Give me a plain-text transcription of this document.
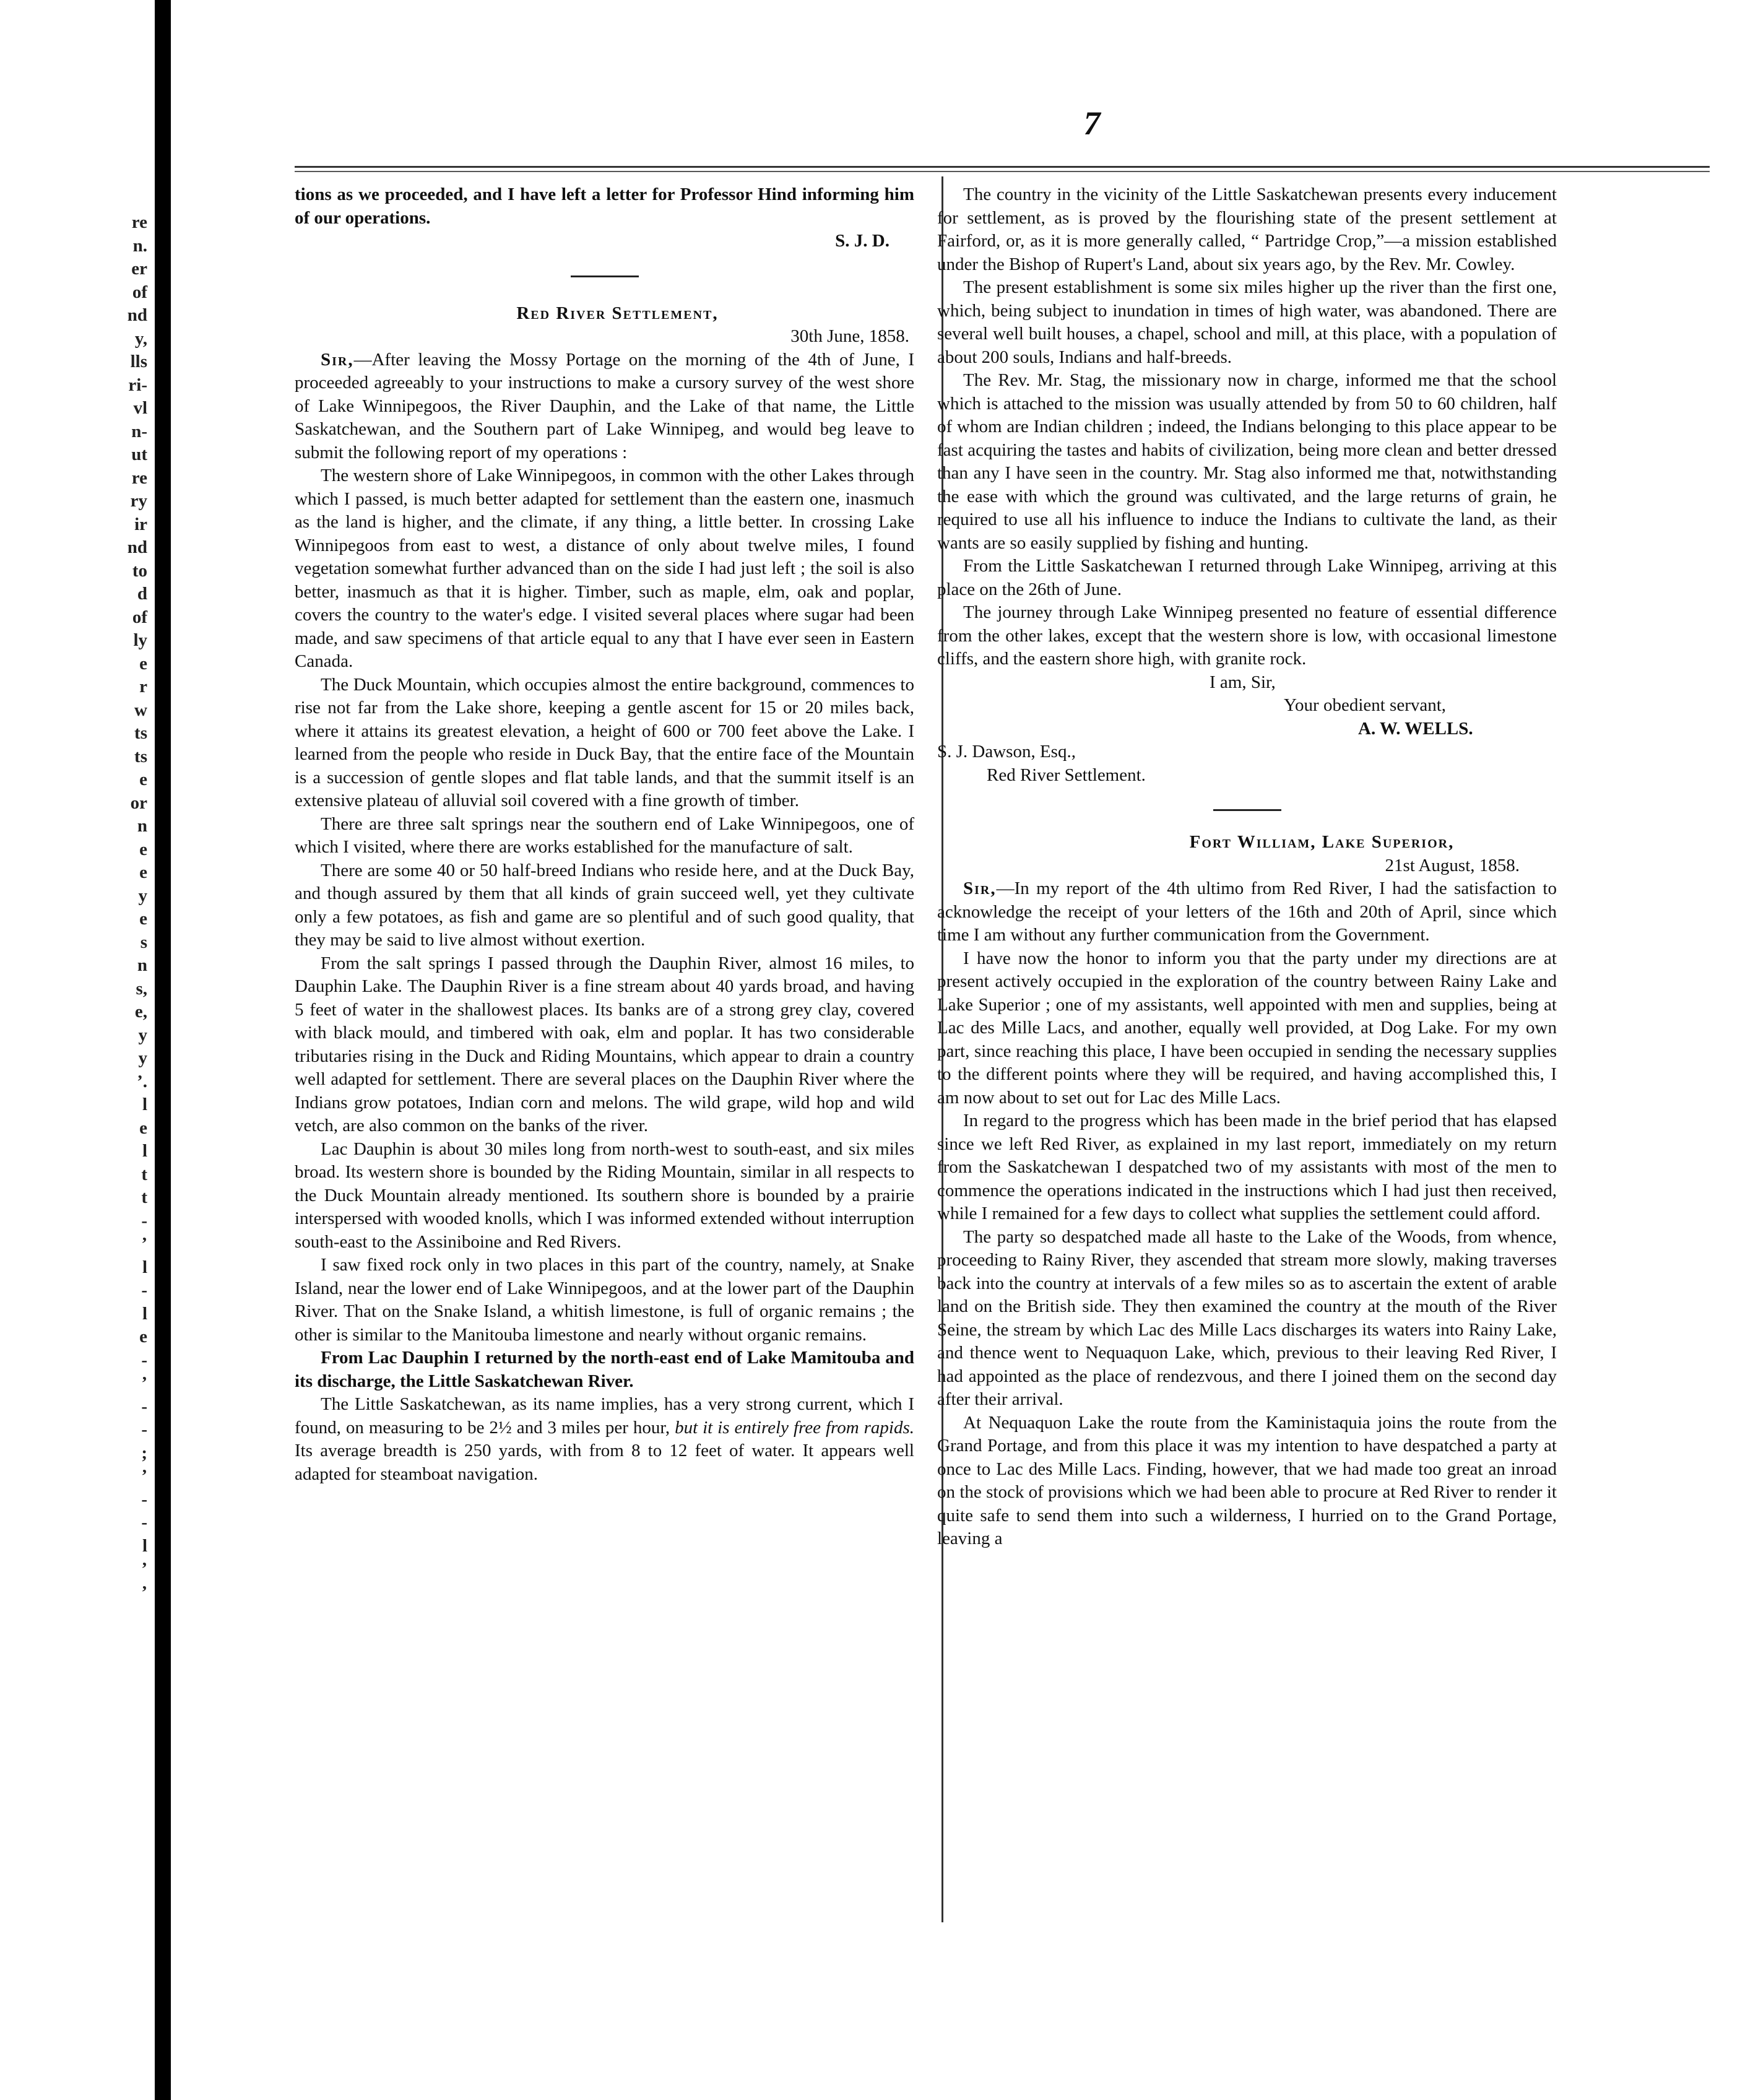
re
n.
er
of
nd
y,
lls
ri-
vl
n-
ut
re
ry
ir
nd
to
d
of
ly
e
r
w
ts
ts
e
or
n
e
e
y
e
s
n
s,
e,
y
y
’.
l
e
l
t
t
-
’
l
-
l
e
-
’
-
-
;
’
-
-
l
’
’
7

tions as we proceeded, and I have left a letter for Professor Hind informing him of our operations.

S. J. D.

Red River Settlement,

30th June, 1858.

Sir,—After leaving the Mossy Portage on the morning of the 4th of June, I proceeded agreeably to your instructions to make a cursory survey of the west shore of Lake Winnipegoos, the River Dauphin, and the Lake of that name, the Little Saskatchewan, and the Southern part of Lake Winnipeg, and would beg leave to submit the following report of my operations :

The western shore of Lake Winnipegoos, in common with the other Lakes through which I passed, is much better adapted for settlement than the eastern one, inasmuch as the land is higher, and the climate, if any thing, a little better. In crossing Lake Winnipegoos from east to west, a distance of only about twelve miles, I found vegetation somewhat further advanced than on the side I had just left ; the soil is also better, inasmuch as that it is higher. Timber, such as maple, elm, oak and poplar, covers the country to the water's edge. I visited several places where sugar had been made, and saw specimens of that article equal to any that I have ever seen in Eastern Canada.

The Duck Mountain, which occupies almost the entire background, commences to rise not far from the Lake shore, keeping a gentle ascent for 15 or 20 miles back, where it attains its greatest elevation, a height of 600 or 700 feet above the Lake. I learned from the people who reside in Duck Bay, that the entire face of the Mountain is a succession of gentle slopes and flat table lands, and that the summit itself is an extensive plateau of alluvial soil covered with a fine growth of timber.

There are three salt springs near the southern end of Lake Winnipegoos, one of which I visited, where there are works established for the manufacture of salt.

There are some 40 or 50 half-breed Indians who reside here, and at the Duck Bay, and though assured by them that all kinds of grain succeed well, yet they cultivate only a few potatoes, as fish and game are so plentiful and of such good quality, that they may be said to live almost without exertion.

From the salt springs I passed through the Dauphin River, almost 16 miles, to Dauphin Lake. The Dauphin River is a fine stream about 40 yards broad, and having 5 feet of water in the shallowest places. Its banks are of a strong grey clay, covered with black mould, and timbered with oak, elm and poplar. It has two considerable tributaries rising in the Duck and Riding Mountains, which appear to drain a country well adapted for settlement. There are several places on the Dauphin River where the Indians grow potatoes, Indian corn and melons. The wild grape, wild hop and wild vetch, are also common on the banks of the river.

Lac Dauphin is about 30 miles long from north-west to south-east, and six miles broad. Its western shore is bounded by the Riding Mountain, similar in all respects to the Duck Mountain already mentioned. Its southern shore is bounded by a prairie interspersed with wooded knolls, which I was informed extended without interruption south-east to the Assiniboine and Red Rivers.

I saw fixed rock only in two places in this part of the country, namely, at Snake Island, near the lower end of Lake Winnipegoos, and at the lower part of the Dauphin River. That on the Snake Island, a whitish limestone, is full of organic remains ; the other is similar to the Manitouba limestone and nearly without organic remains.

From Lac Dauphin I returned by the north-east end of Lake Mamitouba and its discharge, the Little Saskatchewan River.

The Little Saskatchewan, as its name implies, has a very strong current, which I found, on measuring to be 2½ and 3 miles per hour, but it is entirely free from rapids. Its average breadth is 250 yards, with from 8 to 12 feet of water. It appears well adapted for steamboat navigation.

The country in the vicinity of the Little Saskatchewan presents every inducement for settlement, as is proved by the flourishing state of the present settlement at Fairford, or, as it is more generally called, “ Partridge Crop,”—a mission established under the Bishop of Rupert's Land, about six years ago, by the Rev. Mr. Cowley.

The present establishment is some six miles higher up the river than the first one, which, being subject to inundation in times of high water, was abandoned. There are several well built houses, a chapel, school and mill, at this place, with a population of about 200 souls, Indians and half-breeds.

The Rev. Mr. Stag, the missionary now in charge, informed me that the school which is attached to the mission was usually attended by from 50 to 60 children, half of whom are Indian children ; indeed, the Indians belonging to this place appear to be fast acquiring the tastes and habits of civilization, being more clean and better dressed than any I have seen in the country. Mr. Stag also informed me that, notwithstanding the ease with which the ground was cultivated, and the large returns of grain, he required to use all his influence to induce the Indians to cultivate the land, as their wants are so easily supplied by fishing and hunting.

From the Little Saskatchewan I returned through Lake Winnipeg, arriving at this place on the 26th of June.

The journey through Lake Winnipeg presented no feature of essential difference from the other lakes, except that the western shore is low, with occasional limestone cliffs, and the eastern shore high, with granite rock.

I am, Sir,

Your obedient servant,

A. W. WELLS.

S. J. Dawson, Esq.,

Red River Settlement.

Fort William, Lake Superior,

21st August, 1858.

Sir,—In my report of the 4th ultimo from Red River, I had the satisfaction to acknowledge the receipt of your letters of the 16th and 20th of April, since which time I am without any further communication from the Government.

I have now the honor to inform you that the party under my directions are at present actively occupied in the exploration of the country between Rainy Lake and Lake Superior ; one of my assistants, well appointed with men and supplies, being at Lac des Mille Lacs, and another, equally well provided, at Dog Lake. For my own part, since reaching this place, I have been occupied in sending the necessary supplies to the different points where they will be required, and having accomplished this, I am now about to set out for Lac des Mille Lacs.

In regard to the progress which has been made in the brief period that has elapsed since we left Red River, as explained in my last report, immediately on my return from the Saskatchewan I despatched two of my assistants with most of the men to commence the operations indicated in the instructions which I had just then received, while I remained for a few days to collect what supplies the settlement could afford.

The party so despatched made all haste to the Lake of the Woods, from whence, proceeding to Rainy River, they ascended that stream more slowly, making traverses back into the country at intervals of a few miles so as to ascertain the extent of arable land on the British side. They then examined the country at the mouth of the River Seine, the stream by which Lac des Mille Lacs discharges its waters into Rainy Lake, and thence went to Nequaquon Lake, which, previous to their leaving Red River, I had appointed as the place of rendezvous, and there I joined them on the second day after their arrival.

At Nequaquon Lake the route from the Kaministaquia joins the route from the Grand Portage, and from this place it was my intention to have despatched a party at once to Lac des Mille Lacs. Finding, however, that we had made too great an inroad on the stock of provisions which we had been able to procure at Red River to render it quite safe to send them into such a wilderness, I hurried on to the Grand Portage, leaving a
